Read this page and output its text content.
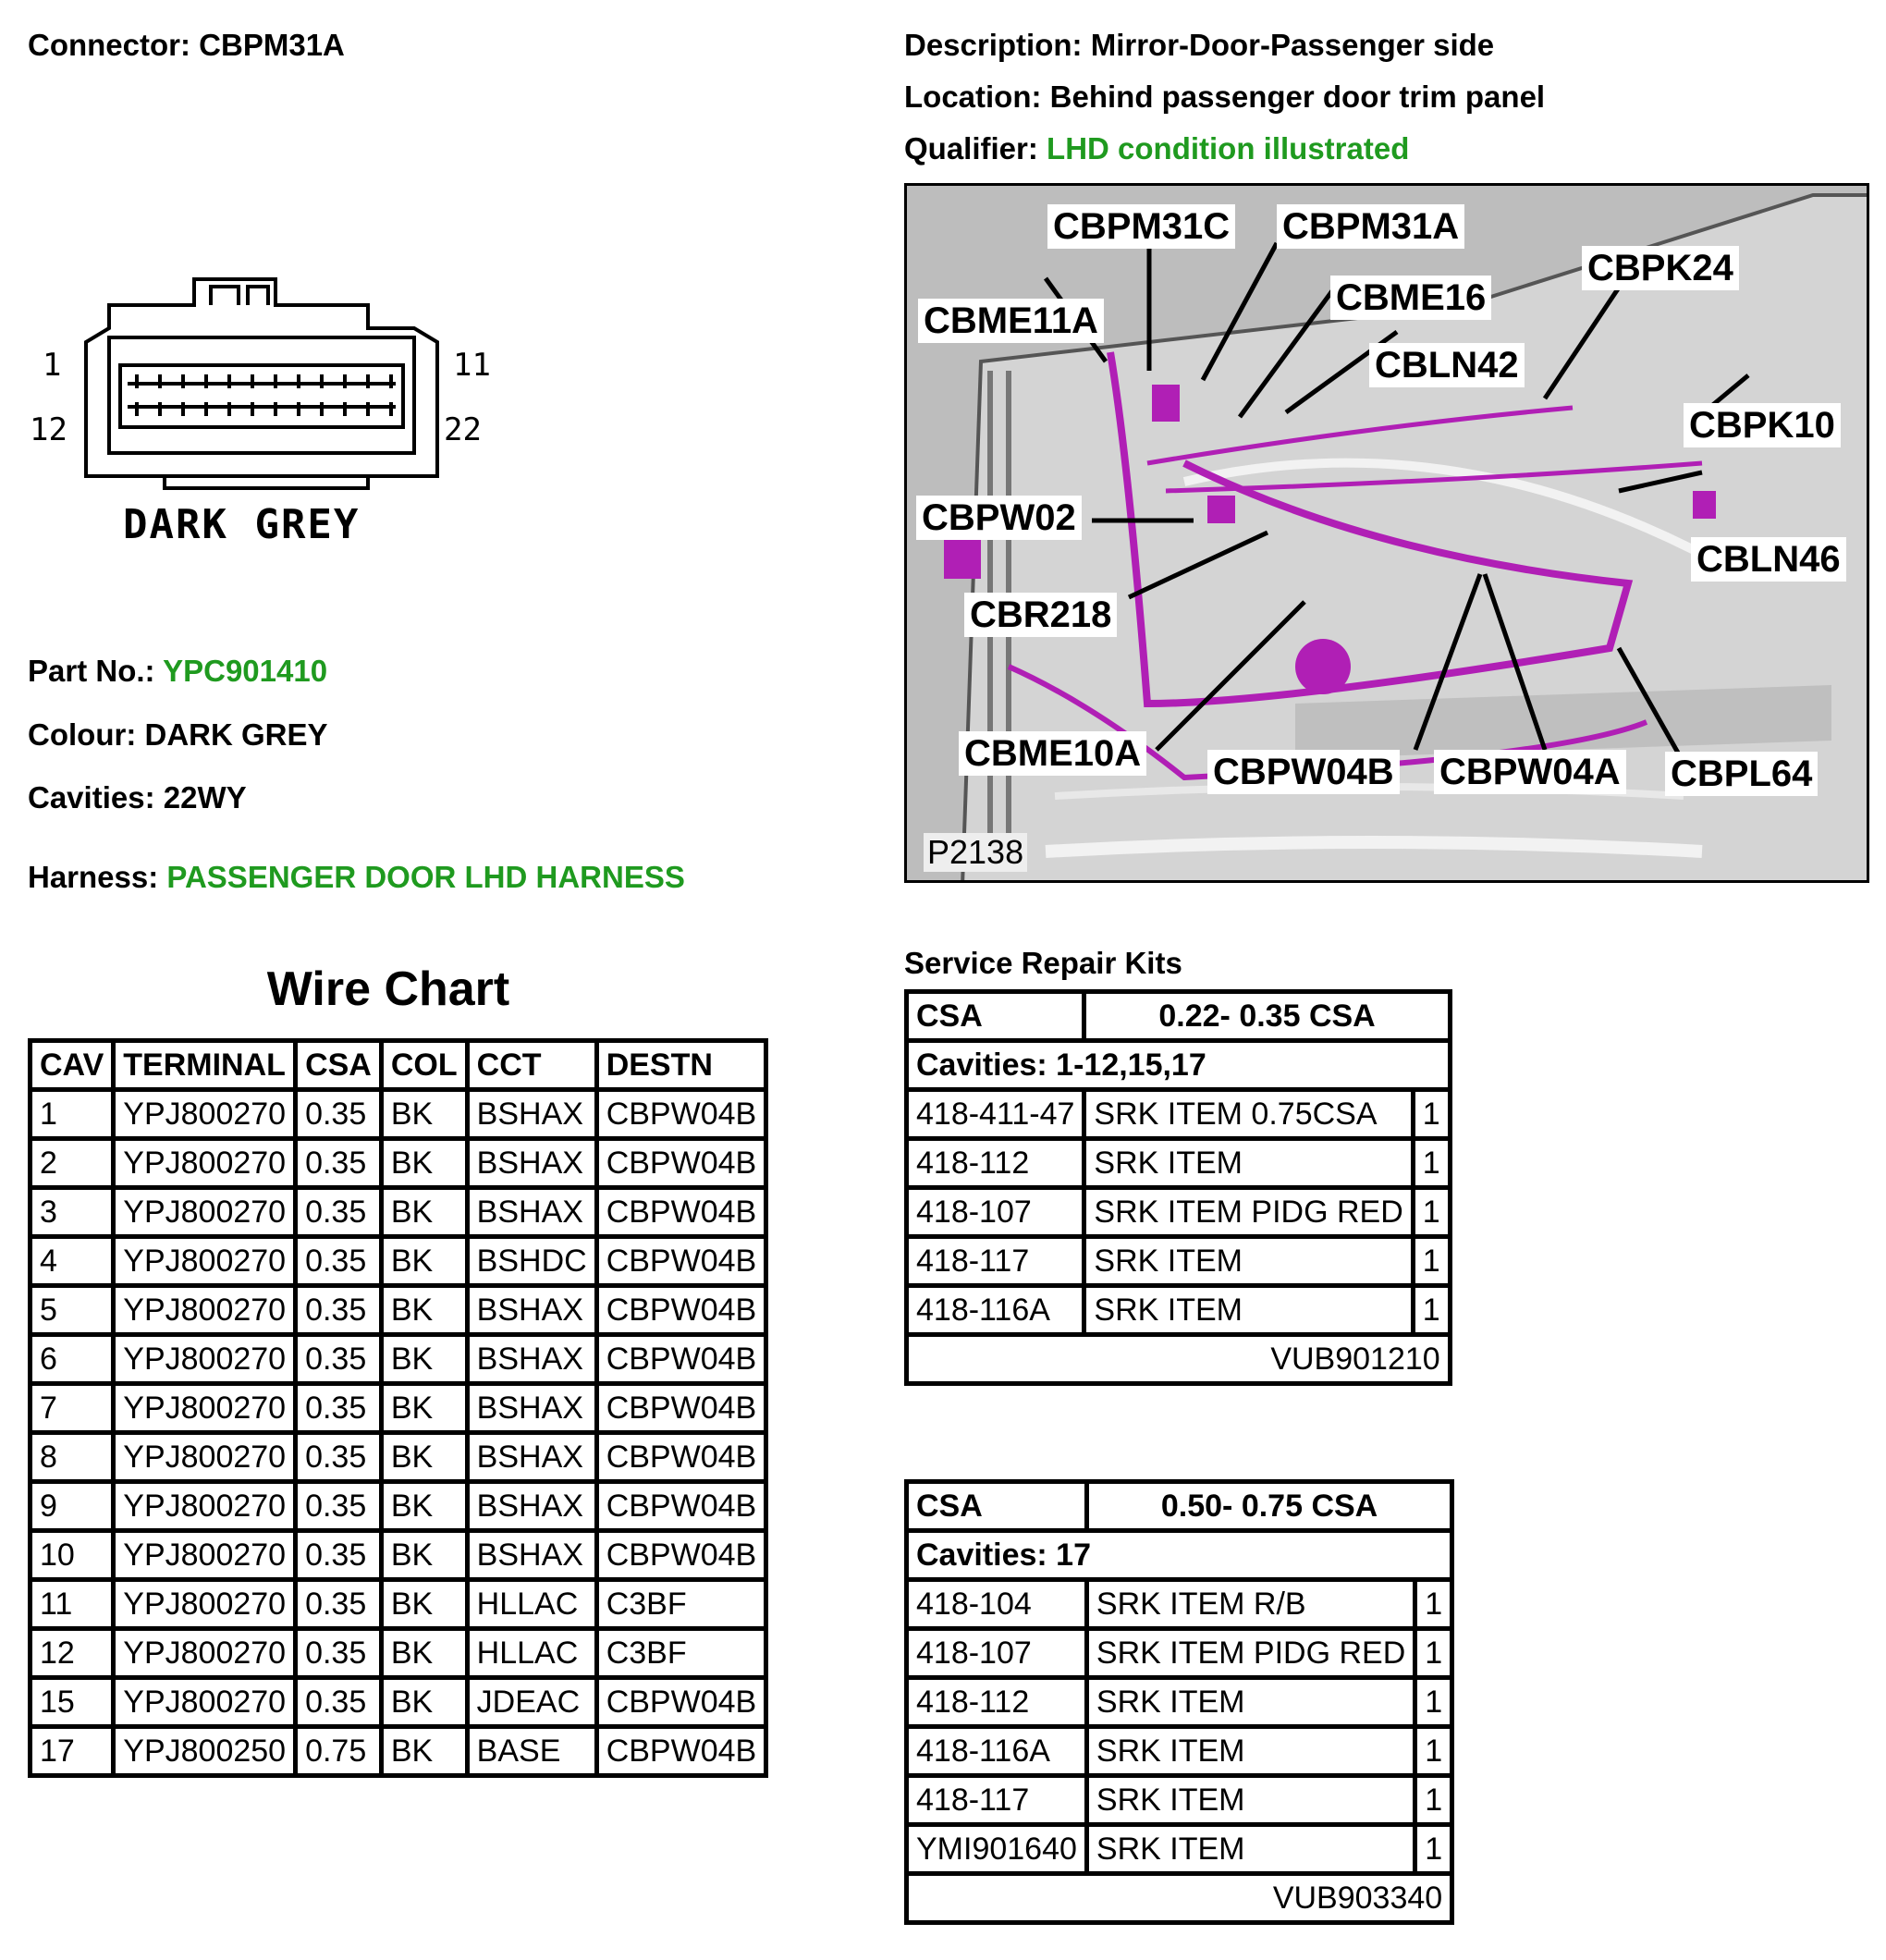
Connector: CBPM31A	Description: Mirror-Door-Passenger side
Location: Behind passenger door trim panel
Qualifier: LHD condition illustrated
1	11
12	22
DARK GREY
Part No.: YPC901410
Colour: DARK GREY
Cavities: 22WY
Harness: PASSENGER DOOR LHD HARNESS
CBPM31C CBPM31A
CBME11A
CBME16
CBPK24
CBLN42
CBPK10
CBPW02
CBLN46
CBR218
CBME10A CBPW04B CBPW04A CBPL64
P2138
Wire Chart
CAV	TERMINAL	CSA	COL	CCT	DESTN
1	YPJ800270	0.35	BK	BSHAX	CBPW04B
2	YPJ800270	0.35	BK	BSHAX	CBPW04B
3	YPJ800270	0.35	BK	BSHAX	CBPW04B
4	YPJ800270	0.35	BK	BSHDC	CBPW04B
5	YPJ800270	0.35	BK	BSHAX	CBPW04B
6	YPJ800270	0.35	BK	BSHAX	CBPW04B
7	YPJ800270	0.35	BK	BSHAX	CBPW04B
8	YPJ800270	0.35	BK	BSHAX	CBPW04B
9	YPJ800270	0.35	BK	BSHAX	CBPW04B
10	YPJ800270	0.35	BK	BSHAX	CBPW04B
11	YPJ800270	0.35	BK	HLLAC	C3BF
12	YPJ800270	0.35	BK	HLLAC	C3BF
15	YPJ800270	0.35	BK	JDEAC	CBPW04B
17	YPJ800250	0.75	BK	BASE	CBPW04B
Service Repair Kits
CSA	0.22- 0.35 CSA	
Cavities: 1-12,15,17		
418-411-47	SRK ITEM 0.75CSA	1
418-112	SRK ITEM	1
418-107	SRK ITEM PIDG RED	1
418-117	SRK ITEM	1
418-116A	SRK ITEM	1
VUB901210		
CSA	0.50- 0.75 CSA	
Cavities: 17		
418-104	SRK ITEM R/B	1
418-107	SRK ITEM PIDG RED	1
418-112	SRK ITEM	1
418-116A	SRK ITEM	1
418-117	SRK ITEM	1
YMI901640	SRK ITEM	1
VUB903340		
